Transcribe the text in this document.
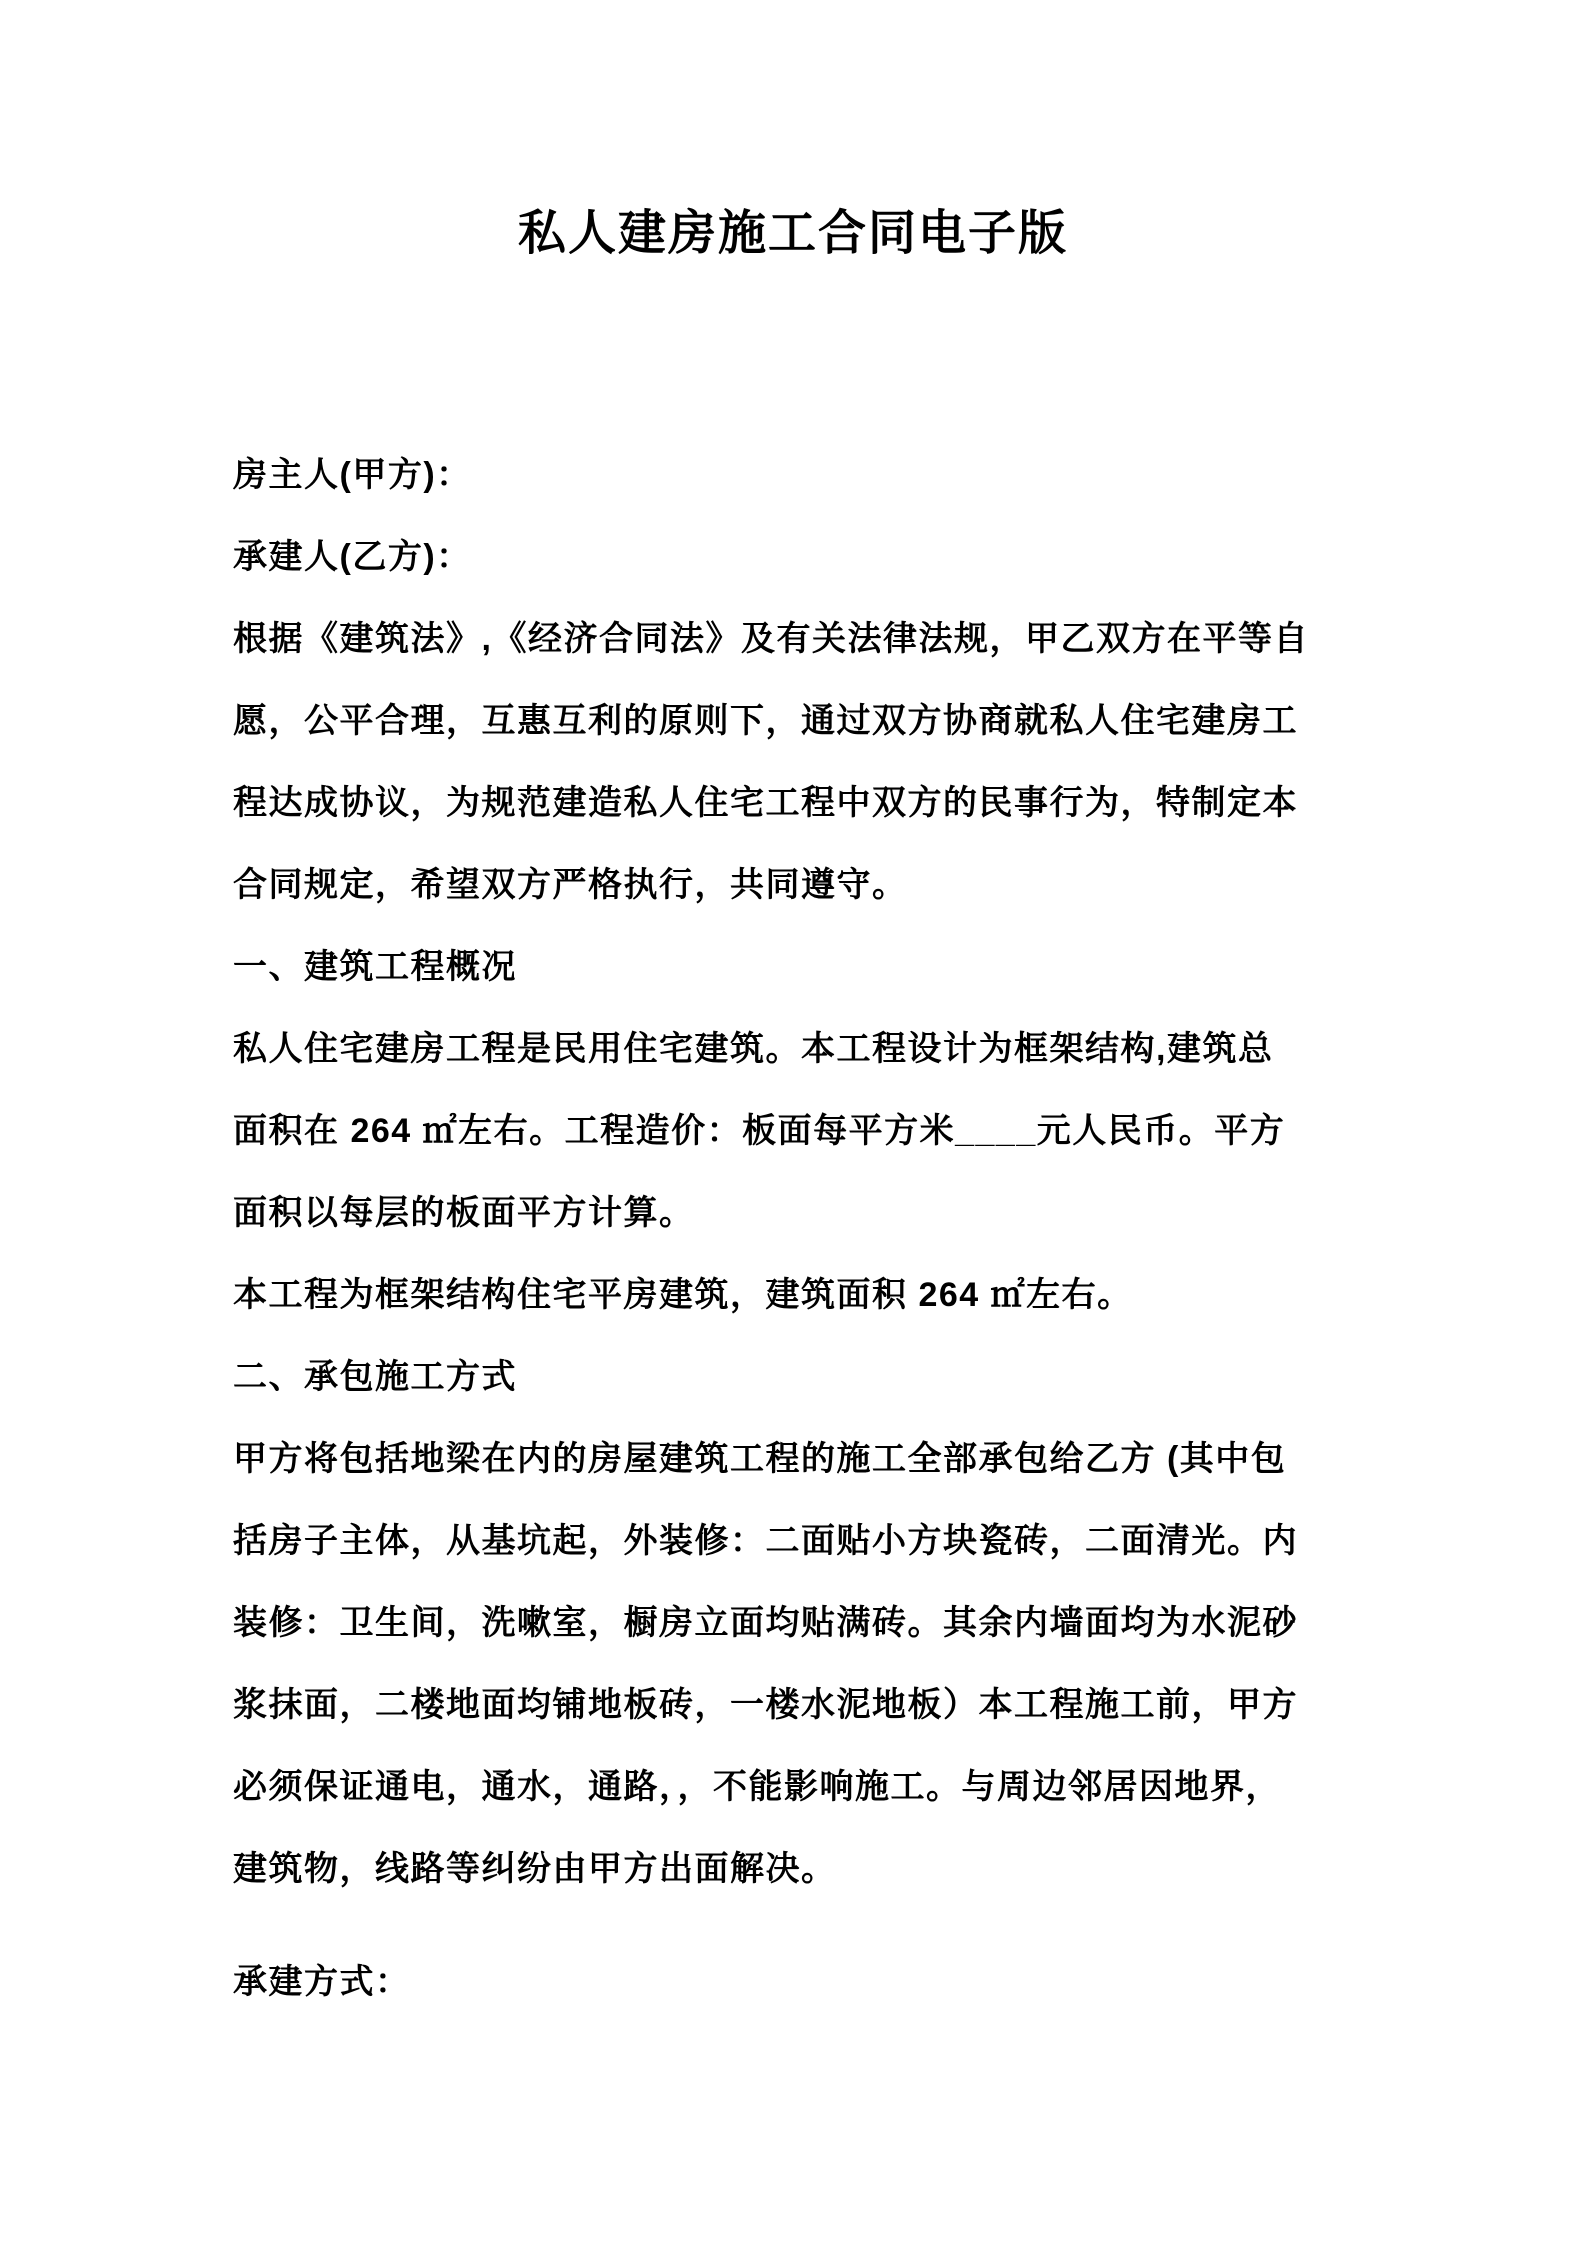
私人建房施工合同电子版
房主人(甲方)：
承建人(乙方)：
根据《建筑法》,《经济合同法》及有关法律法规，甲乙双方在平等自
愿，公平合理，互惠互利的原则下，通过双方协商就私人住宅建房工
程达成协议，为规范建造私人住宅工程中双方的民事行为，特制定本
合同规定，希望双方严格执行，共同遵守。
一、建筑工程概况
私人住宅建房工程是民用住宅建筑。本工程设计为框架结构,建筑总
面积在 264 ㎡左右。工程造价：板面每平方米____元人民币。平方
面积以每层的板面平方计算。
本工程为框架结构住宅平房建筑，建筑面积 264 ㎡左右。
二、承包施工方式
甲方将包括地梁在内的房屋建筑工程的施工全部承包给乙方 (其中包
括房子主体，从基坑起，外装修：二面贴小方块瓷砖，二面清光。内
装修：卫生间，洗嗽室，橱房立面均贴满砖。其余内墙面均为水泥砂
浆抹面，二楼地面均铺地板砖，一楼水泥地板）本工程施工前，甲方
必须保证通电，通水，通路，，不能影响施工。与周边邻居因地界，
建筑物，线路等纠纷由甲方出面解决。
承建方式：
